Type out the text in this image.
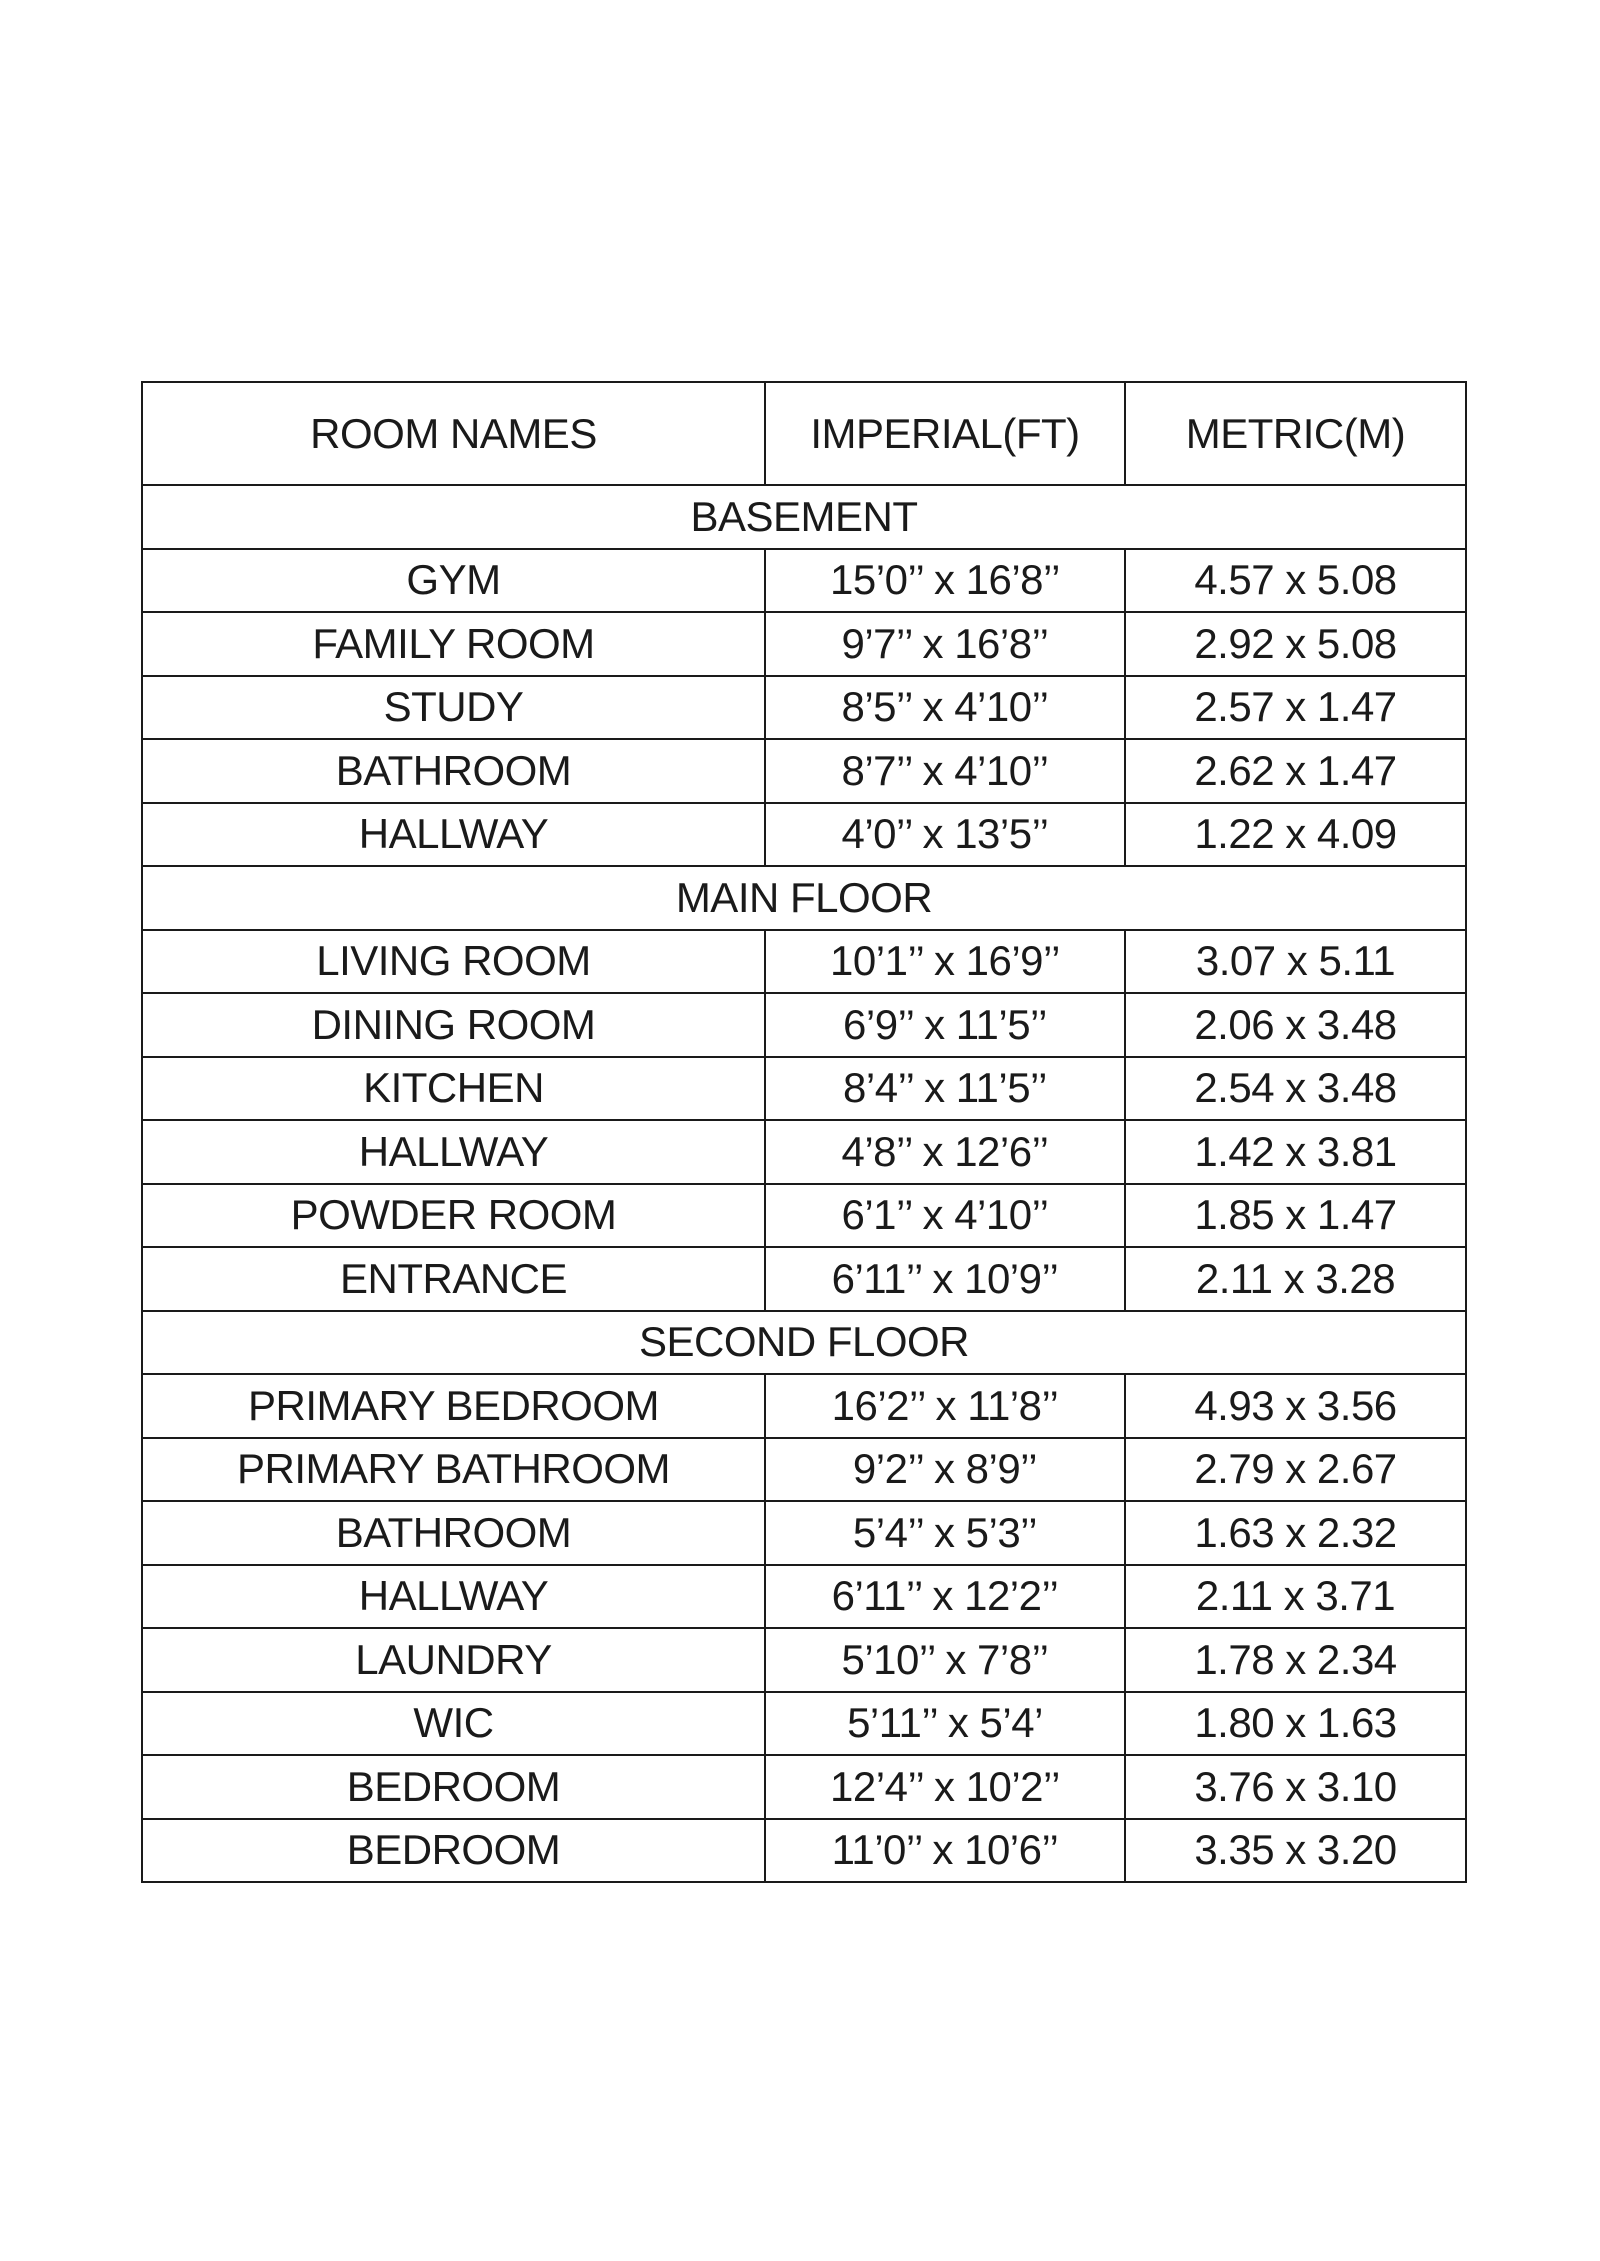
ROOM NAMES	IMPERIAL(FT)	METRIC(M)
BASEMENT		
GYM	15’0’’ x 16’8’’	4.57 x 5.08
FAMILY ROOM	9’7’’ x 16’8’’	2.92 x 5.08
STUDY	8’5’’ x 4’10’’	2.57 x 1.47
BATHROOM	8’7’’ x 4’10’’	2.62 x 1.47
HALLWAY	4’0’’ x 13’5’’	1.22 x 4.09
MAIN FLOOR		
LIVING ROOM	10’1’’ x 16’9’’	3.07 x 5.11
DINING ROOM	6’9’’ x 11’5’’	2.06 x 3.48
KITCHEN	8’4’’ x 11’5’’	2.54 x 3.48
HALLWAY	4’8’’ x 12’6’’	1.42 x 3.81
POWDER ROOM	6’1’’ x 4’10’’	1.85 x 1.47
ENTRANCE	6’11’’ x 10’9’’	2.11 x 3.28
SECOND FLOOR		
PRIMARY BEDROOM	16’2’’ x 11’8’’	4.93 x 3.56
PRIMARY BATHROOM	9’2’’ x 8’9’’	2.79 x 2.67
BATHROOM	5’4’’ x 5’3’’	1.63 x 2.32
HALLWAY	6’11’’ x 12’2’’	2.11 x 3.71
LAUNDRY	5’10’’ x 7’8’’	1.78 x 2.34
WIC	5’11’’ x 5’4’	1.80 x 1.63
BEDROOM	12’4’’ x 10’2’’	3.76 x 3.10
BEDROOM	11’0’’ x 10’6’’	3.35 x 3.20
